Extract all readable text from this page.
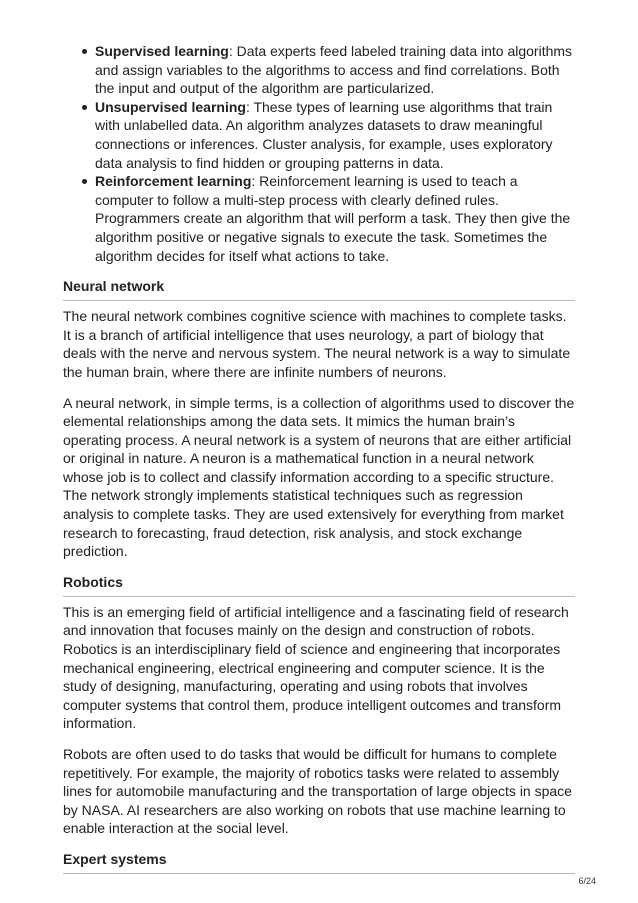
Supervised learning: Data experts feed labeled training data into algorithms and assign variables to the algorithms to access and find correlations. Both the input and output of the algorithm are particularized.
Unsupervised learning: These types of learning use algorithms that train with unlabelled data. An algorithm analyzes datasets to draw meaningful connections or inferences. Cluster analysis, for example, uses exploratory data analysis to find hidden or grouping patterns in data.
Reinforcement learning: Reinforcement learning is used to teach a computer to follow a multi-step process with clearly defined rules. Programmers create an algorithm that will perform a task. They then give the algorithm positive or negative signals to execute the task. Sometimes the algorithm decides for itself what actions to take.
Neural network

The neural network combines cognitive science with machines to complete tasks. It is a branch of artificial intelligence that uses neurology, a part of biology that deals with the nerve and nervous system. The neural network is a way to simulate the human brain, where there are infinite numbers of neurons.

A neural network, in simple terms, is a collection of algorithms used to discover the elemental relationships among the data sets. It mimics the human brain’s operating process. A neural network is a system of neurons that are either artificial or original in nature. A neuron is a mathematical function in a neural network whose job is to collect and classify information according to a specific structure. The network strongly implements statistical techniques such as regression analysis to complete tasks. They are used extensively for everything from market research to forecasting, fraud detection, risk analysis, and stock exchange prediction.

Robotics

This is an emerging field of artificial intelligence and a fascinating field of research and innovation that focuses mainly on the design and construction of robots. Robotics is an interdisciplinary field of science and engineering that incorporates mechanical engineering, electrical engineering and computer science. It is the study of designing, manufacturing, operating and using robots that involves computer systems that control them, produce intelligent outcomes and transform information.

Robots are often used to do tasks that would be difficult for humans to complete repetitively. For example, the majority of robotics tasks were related to assembly lines for automobile manufacturing and the transportation of large objects in space by NASA. AI researchers are also working on robots that use machine learning to enable interaction at the social level.

Expert systems
6/24
